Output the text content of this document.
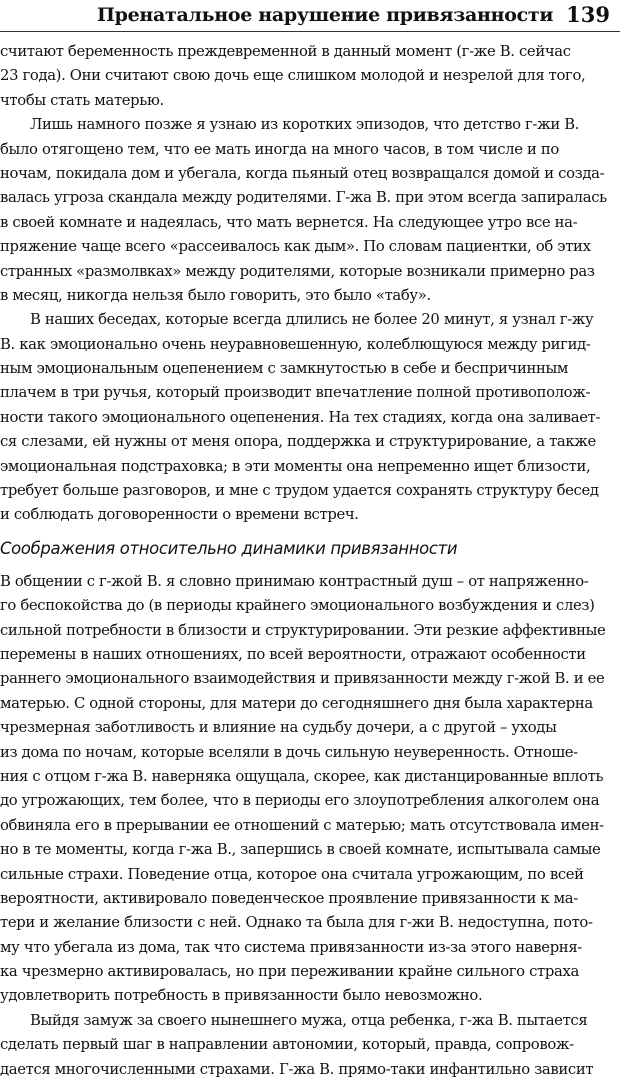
Пренатальное нарушение привязанности 139
считают беременность преждевременной в данный момент (г-же В. сейчас
23 года). Они считают свою дочь еще слишком молодой и незрелой для того,
чтобы стать матерью.
Лишь намного позже я узнаю из коротких эпизодов, что детство г-жи В.
было отягощено тем, что ее мать иногда на много часов, в том числе и по
ночам, покидала дом и убегала, когда пьяный отец возвращался домой и созда-
валась угроза скандала между родителями. Г-жа В. при этом всегда запиралась
в своей комнате и надеялась, что мать вернется. На следующее утро все на-
пряжение чаще всего «рассеивалось как дым». По словам пациентки, об этих
странных «размолвках» между родителями, которые возникали примерно раз
в месяц, никогда нельзя было говорить, это было «табу».
В наших беседах, которые всегда длились не более 20 минут, я узнал г-жу
В. как эмоционально очень неуравновешенную, колеблющуюся между ригид-
ным эмоциональным оцепенением с замкнутостью в себе и беспричинным
плачем в три ручья, который производит впечатление полной противополож-
ности такого эмоционального оцепенения. На тех стадиях, когда она заливает-
ся слезами, ей нужны от меня опора, поддержка и структурирование, а также
эмоциональная подстраховка; в эти моменты она непременно ищет близости,
требует больше разговоров, и мне с трудом удается сохранять структуру бесед
и соблюдать договоренности о времени встреч.
Соображения относительно динамики привязанности
В общении с г-жой В. я словно принимаю контрастный душ – от напряженно-
го беспокойства до (в периоды крайнего эмоционального возбуждения и слез)
сильной потребности в близости и структурировании. Эти резкие аффективные
перемены в наших отношениях, по всей вероятности, отражают особенности
раннего эмоционального взаимодействия и привязанности между г-жой В. и ее
матерью. С одной стороны, для матери до сегодняшнего дня была характерна
чрезмерная заботливость и влияние на судьбу дочери, а с другой – уходы
из дома по ночам, которые вселяли в дочь сильную неуверенность. Отноше-
ния с отцом г-жа В. наверняка ощущала, скорее, как дистанцированные вплоть
до угрожающих, тем более, что в периоды его злоупотребления алкоголем она
обвиняла его в прерывании ее отношений с матерью; мать отсутствовала имен-
но в те моменты, когда г-жа В., запершись в своей комнате, испытывала самые
сильные страхи. Поведение отца, которое она считала угрожающим, по всей
вероятности, активировало поведенческое проявление привязанности к ма-
тери и желание близости с ней. Однако та была для г-жи В. недоступна, пото-
му что убегала из дома, так что система привязанности из-за этого наверня-
ка чрезмерно активировалась, но при переживании крайне сильного страха
удовлетворить потребность в привязанности было невозможно.
Выйдя замуж за своего нынешнего мужа, отца ребенка, г-жа В. пытается
сделать первый шаг в направлении автономии, который, правда, сопровож-
дается многочисленными страхами. Г-жа В. прямо-таки инфантильно зависит
